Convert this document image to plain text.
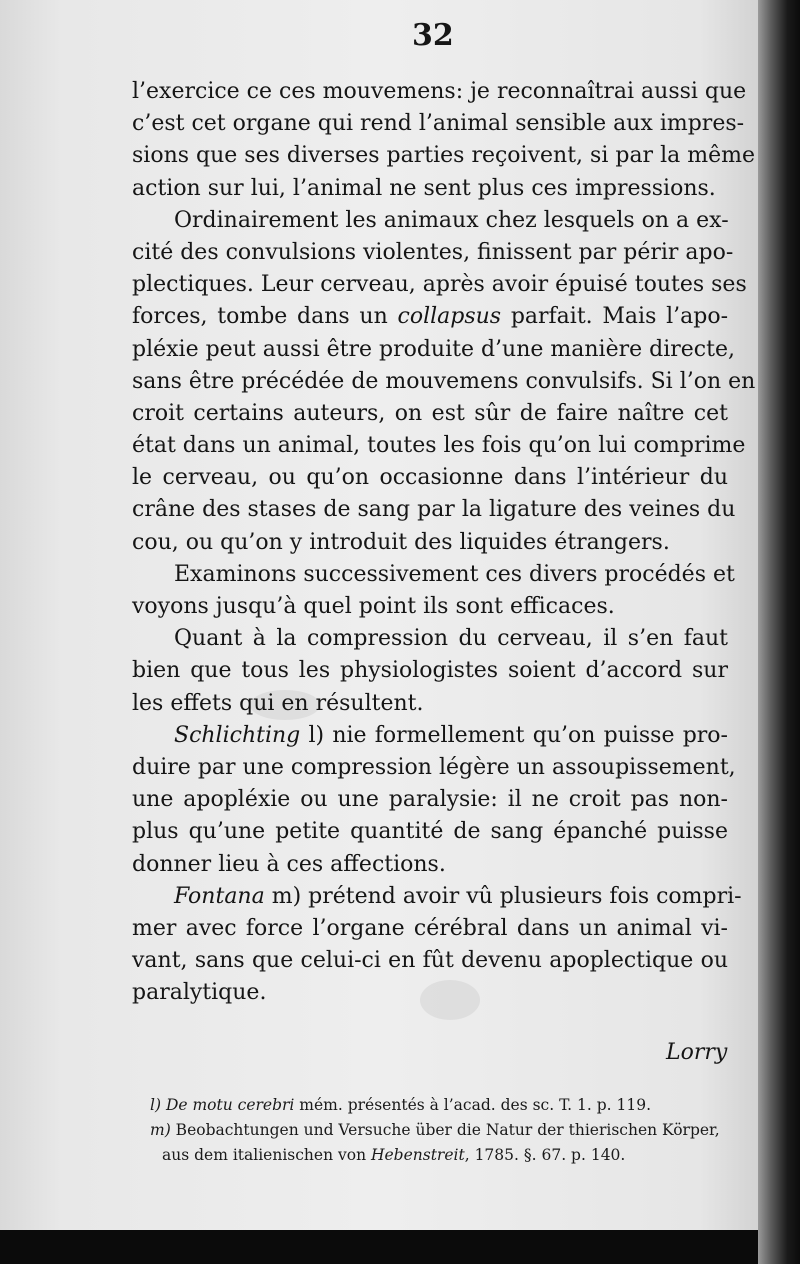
32
l’exercice ce ces mouvemens: je reconnaîtrai aussi que
c’est cet organe qui rend l’animal sensible aux impres-
sions que ses diverses parties reçoivent, si par la même
action sur lui, l’animal ne sent plus ces impressions.
Ordinairement les animaux chez lesquels on a ex-
cité des convulsions violentes, finissent par périr apo-
plectiques. Leur cerveau, après avoir épuisé toutes ses
forces, tombe dans un collapsus parfait. Mais l’apo-
pléxie peut aussi être produite d’une manière directe,
sans être précédée de mouvemens convulsifs. Si l’on en
croit certains auteurs, on est sûr de faire naître cet
état dans un animal, toutes les fois qu’on lui comprime
le cerveau, ou qu’on occasionne dans l’intérieur du
crâne des stases de sang par la ligature des veines du
cou, ou qu’on y introduit des liquides étrangers.
Examinons successivement ces divers procédés et
voyons jusqu’à quel point ils sont efficaces.
Quant à la compression du cerveau, il s’en faut
bien que tous les physiologistes soient d’accord sur
les effets qui en résultent.
Schlichting l) nie formellement qu’on puisse pro-
duire par une compression légère un assoupissement,
une apopléxie ou une paralysie: il ne croit pas non-
plus qu’une petite quantité de sang épanché puisse
donner lieu à ces affections.
Fontana m) prétend avoir vû plusieurs fois compri-
mer avec force l’organe cérébral dans un animal vi-
vant, sans que celui-ci en fût devenu apoplectique ou
paralytique.
Lorry
l) De motu cerebri mém. présentés à l’acad. des sc. T. 1. p. 119.
m) Beobachtungen und Versuche über die Natur der thierischen Körper,
aus dem italienischen von Hebenstreit, 1785. §. 67. p. 140.
